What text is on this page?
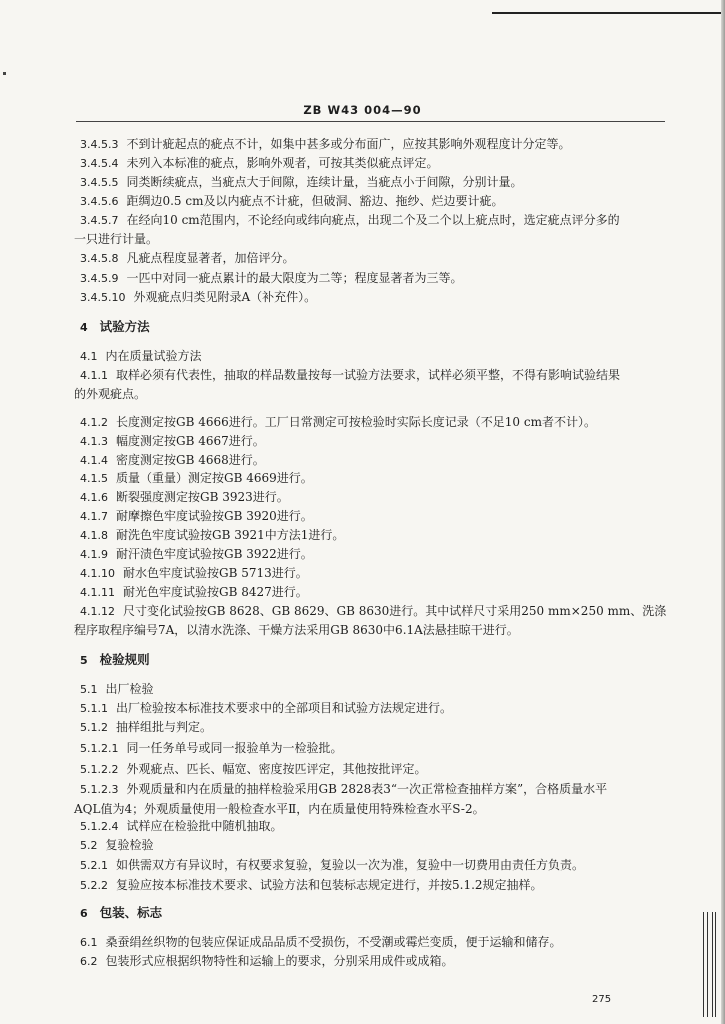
ZB W43 004—90
3.4.5.3 不到计疵起点的疵点不计，如集中甚多或分布面广，应按其影响外观程度计分定等。
3.4.5.4 未列入本标准的疵点，影响外观者，可按其类似疵点评定。
3.4.5.5 同类断续疵点，当疵点大于间隙，连续计量，当疵点小于间隙，分别计量。
3.4.5.6 距绸边0.5 cm及以内疵点不计疵，但破洞、豁边、拖纱、烂边要计疵。
3.4.5.7 在经向10 cm范围内，不论经向或纬向疵点，出现二个及二个以上疵点时，选定疵点评分多的
一只进行计量。
3.4.5.8 凡疵点程度显著者，加倍评分。
3.4.5.9 一匹中对同一疵点累计的最大限度为二等；程度显著者为三等。
3.4.5.10 外观疵点归类见附录A（补充件）。
4 试验方法
4.1 内在质量试验方法
4.1.1 取样必须有代表性，抽取的样品数量按每一试验方法要求，试样必须平整，不得有影响试验结果
的外观疵点。
4.1.2 长度测定按GB 4666进行。工厂日常测定可按检验时实际长度记录（不足10 cm者不计）。
4.1.3 幅度测定按GB 4667进行。
4.1.4 密度测定按GB 4668进行。
4.1.5 质量（重量）测定按GB 4669进行。
4.1.6 断裂强度测定按GB 3923进行。
4.1.7 耐摩擦色牢度试验按GB 3920进行。
4.1.8 耐洗色牢度试验按GB 3921中方法1进行。
4.1.9 耐汗渍色牢度试验按GB 3922进行。
4.1.10 耐水色牢度试验按GB 5713进行。
4.1.11 耐光色牢度试验按GB 8427进行。
4.1.12 尺寸变化试验按GB 8628、GB 8629、GB 8630进行。其中试样尺寸采用250 mm×250 mm、洗涤
程序取程序编号7A，以清水洗涤、干燥方法采用GB 8630中6.1A法悬挂晾干进行。
5 检验规则
5.1 出厂检验
5.1.1 出厂检验按本标准技术要求中的全部项目和试验方法规定进行。
5.1.2 抽样组批与判定。
5.1.2.1 同一任务单号或同一报验单为一检验批。
5.1.2.2 外观疵点、匹长、幅宽、密度按匹评定，其他按批评定。
5.1.2.3 外观质量和内在质量的抽样检验采用GB 2828表3“一次正常检查抽样方案”，合格质量水平
AQL值为4；外观质量使用一般检查水平Ⅱ，内在质量使用特殊检查水平S-2。
5.1.2.4 试样应在检验批中随机抽取。
5.2 复验检验
5.2.1 如供需双方有异议时，有权要求复验，复验以一次为准，复验中一切费用由责任方负责。
5.2.2 复验应按本标准技术要求、试验方法和包装标志规定进行，并按5.1.2规定抽样。
6 包装、标志
6.1 桑蚕绢丝织物的包装应保证成品品质不受损伤，不受潮或霉烂变质，便于运输和储存。
6.2 包装形式应根据织物特性和运输上的要求，分别采用成件或成箱。
275
